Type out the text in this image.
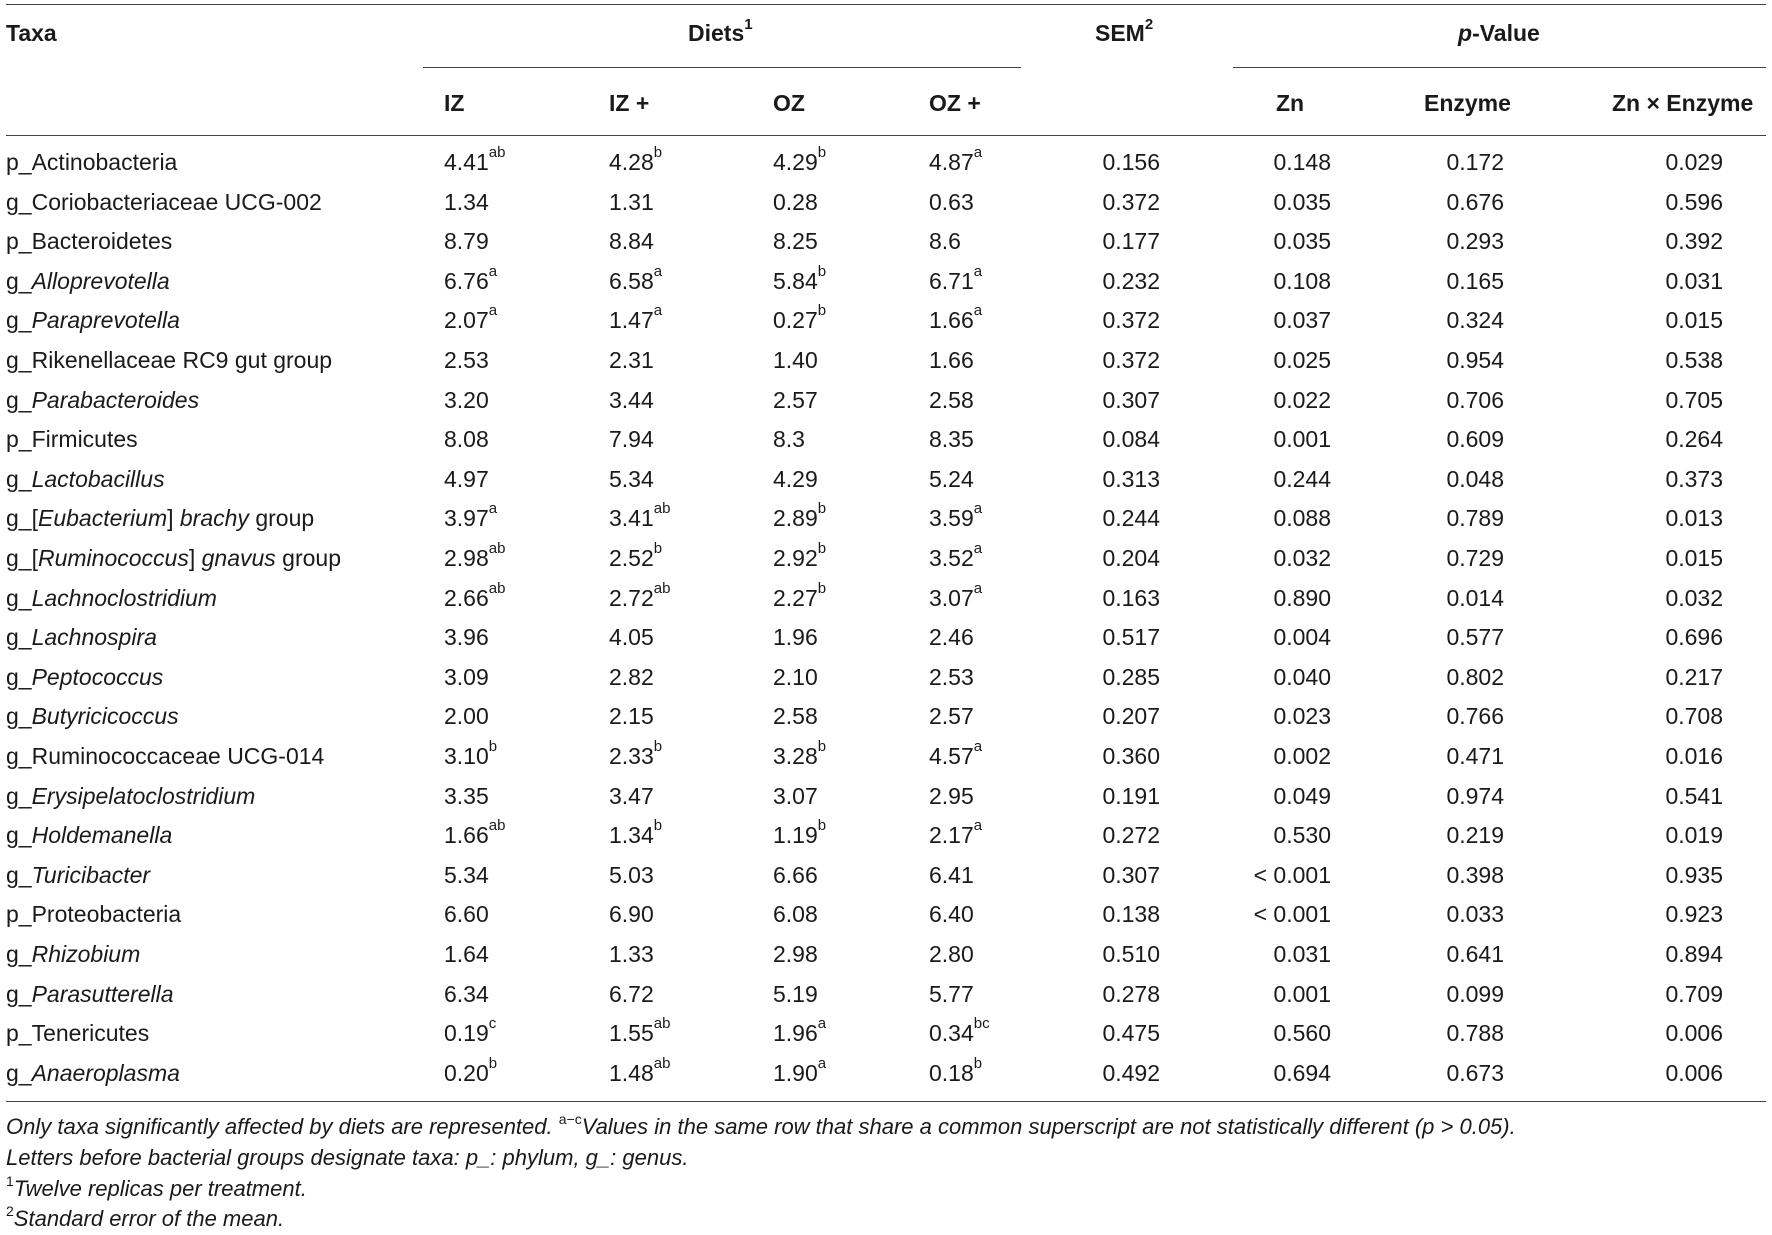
Taxa	Diets$^1$	SEM$^2$	p-Value
IZ	IZ +	OZ	OZ +	Zn	Enzyme	Zn × Enzyme
p_Actinobacteria	4.41$^{ab}$	4.28$^b$	4.29$^b$	4.87$^a$	0.156	0.148	0.172	0.029
g_Coriobacteriaceae UCG-002	1.34	1.31	0.28	0.63	0.372	0.035	0.676	0.596
p_Bacteroidetes	8.79	8.84	8.25	8.6	0.177	0.035	0.293	0.392
g_Alloprevotella	6.76$^a$	6.58$^a$	5.84$^b$	6.71$^a$	0.232	0.108	0.165	0.031
g_Paraprevotella	2.07$^a$	1.47$^a$	0.27$^b$	1.66$^a$	0.372	0.037	0.324	0.015
g_Rikenellaceae RC9 gut group	2.53	2.31	1.40	1.66	0.372	0.025	0.954	0.538
g_Parabacteroides	3.20	3.44	2.57	2.58	0.307	0.022	0.706	0.705
p_Firmicutes	8.08	7.94	8.3	8.35	0.084	0.001	0.609	0.264
g_Lactobacillus	4.97	5.34	4.29	5.24	0.313	0.244	0.048	0.373
g_[Eubacterium] brachy group	3.97$^a$	3.41$^{ab}$	2.89$^b$	3.59$^a$	0.244	0.088	0.789	0.013
g_[Ruminococcus] gnavus group	2.98$^{ab}$	2.52$^b$	2.92$^b$	3.52$^a$	0.204	0.032	0.729	0.015
g_Lachnoclostridium	2.66$^{ab}$	2.72$^{ab}$	2.27$^b$	3.07$^a$	0.163	0.890	0.014	0.032
g_Lachnospira	3.96	4.05	1.96	2.46	0.517	0.004	0.577	0.696
g_Peptococcus	3.09	2.82	2.10	2.53	0.285	0.040	0.802	0.217
g_Butyricicoccus	2.00	2.15	2.58	2.57	0.207	0.023	0.766	0.708
g_Ruminococcaceae UCG-014	3.10$^b$	2.33$^b$	3.28$^b$	4.57$^a$	0.360	0.002	0.471	0.016
g_Erysipelatoclostridium	3.35	3.47	3.07	2.95	0.191	0.049	0.974	0.541
g_Holdemanella	1.66$^{ab}$	1.34$^b$	1.19$^b$	2.17$^a$	0.272	0.530	0.219	0.019
g_Turicibacter	5.34	5.03	6.66	6.41	0.307	< 0.001	0.398	0.935
p_Proteobacteria	6.60	6.90	6.08	6.40	0.138	< 0.001	0.033	0.923
g_Rhizobium	1.64	1.33	2.98	2.80	0.510	0.031	0.641	0.894
g_Parasutterella	6.34	6.72	5.19	5.77	0.278	0.001	0.099	0.709
p_Tenericutes	0.19$^c$	1.55$^{ab}$	1.96$^a$	0.34$^{bc}$	0.475	0.560	0.788	0.006
g_Anaeroplasma	0.20$^b$	1.48$^{ab}$	1.90$^a$	0.18$^b$	0.492	0.694	0.673	0.006
Only taxa significantly affected by diets are represented. $^{a-c}$Values in the same row that share a common superscript are not statistically different (p > 0.05).
Letters before bacterial groups designate taxa: p_: phylum, g_: genus.
$^1$Twelve replicas per treatment.
$^2$Standard error of the mean.
